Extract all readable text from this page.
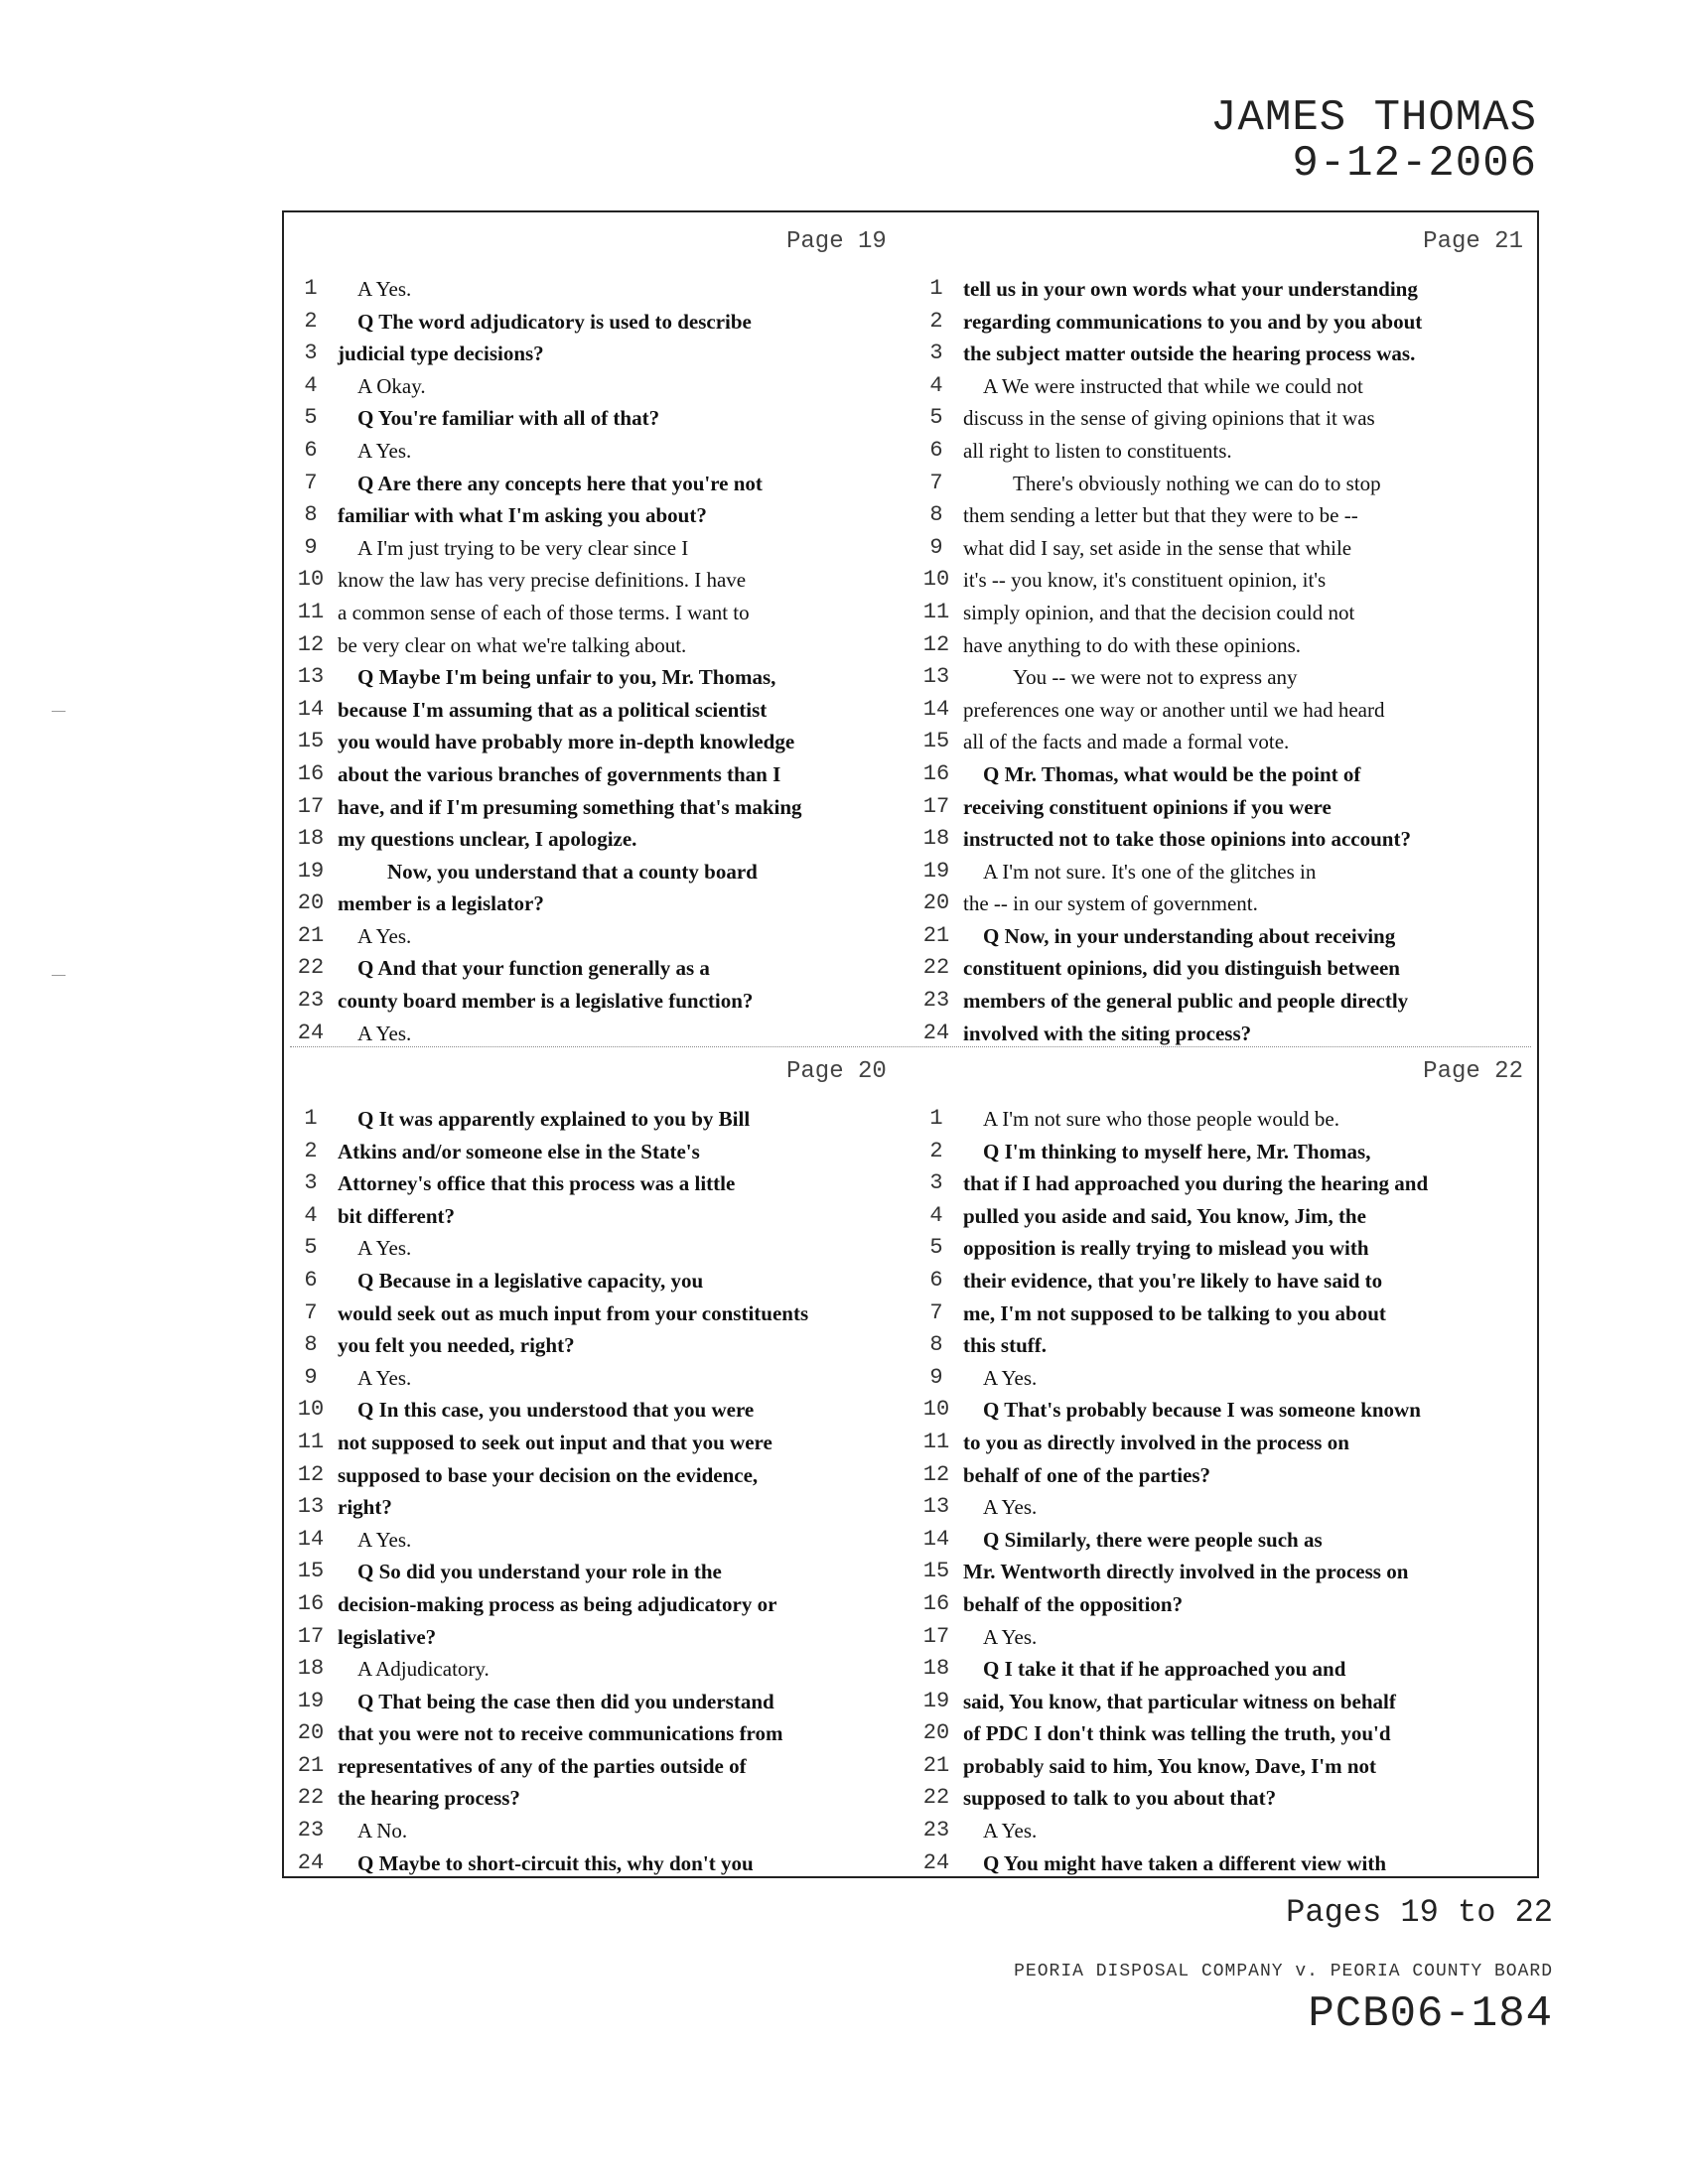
JAMES THOMAS
9-12-2006
Page 19
1	A Yes.
2	Q The word adjudicatory is used to describe
3 judicial type decisions?
4	A Okay.
5	Q You're familiar with all of that?
6	A Yes.
7	Q Are there any concepts here that you're not
8 familiar with what I'm asking you about?
9	A I'm just trying to be very clear since I
10 know the law has very precise definitions. I have
11 a common sense of each of those terms. I want to
12 be very clear on what we're talking about.
13 Q Maybe I'm being unfair to you, Mr. Thomas,
14 because I'm assuming that as a political scientist
15 you would have probably more in-depth knowledge
16 about the various branches of governments than I
17 have, and if I'm presuming something that's making
18 my questions unclear, I apologize.
19	Now, you understand that a county board
20 member is a legislator?
21 A Yes.
22 Q And that your function generally as a
23 county board member is a legislative function?
24 A Yes.
Page 21
1 tell us in your own words what your understanding
2 regarding communications to you and by you about
3 the subject matter outside the hearing process was.
4	A We were instructed that while we could not
5 discuss in the sense of giving opinions that it was
6 all right to listen to constituents.
7	There's obviously nothing we can do to stop
8 them sending a letter but that they were to be --
9 what did I say, set aside in the sense that while
10 it's -- you know, it's constituent opinion, it's
11 simply opinion, and that the decision could not
12 have anything to do with these opinions.
13	You -- we were not to express any
14 preferences one way or another until we had heard
15 all of the facts and made a formal vote.
16 Q Mr. Thomas, what would be the point of
17 receiving constituent opinions if you were
18 instructed not to take those opinions into account?
19 A I'm not sure. It's one of the glitches in
20 the -- in our system of government.
21 Q Now, in your understanding about receiving
22 constituent opinions, did you distinguish between
23 members of the general public and people directly
24 involved with the siting process?
Page 20
1	Q It was apparently explained to you by Bill
2 Atkins and/or someone else in the State's
3 Attorney's office that this process was a little
4 bit different?
5	A Yes.
6	Q Because in a legislative capacity, you
7 would seek out as much input from your constituents
8 you felt you needed, right?
9	A Yes.
10 Q In this case, you understood that you were
11 not supposed to seek out input and that you were
12 supposed to base your decision on the evidence,
13 right?
14 A Yes.
15 Q So did you understand your role in the
16 decision-making process as being adjudicatory or
17 legislative?
18 A Adjudicatory.
19 Q That being the case then did you understand
20 that you were not to receive communications from
21 representatives of any of the parties outside of
22 the hearing process?
23 A No.
24 Q Maybe to short-circuit this, why don't you
Page 22
1	A I'm not sure who those people would be.
2	Q I'm thinking to myself here, Mr. Thomas,
3 that if I had approached you during the hearing and
4 pulled you aside and said, You know, Jim, the
5 opposition is really trying to mislead you with
6 their evidence, that you're likely to have said to
7 me, I'm not supposed to be talking to you about
8 this stuff.
9	A Yes.
10 Q That's probably because I was someone known
11 to you as directly involved in the process on
12 behalf of one of the parties?
13 A Yes.
14 Q Similarly, there were people such as
15 Mr. Wentworth directly involved in the process on
16 behalf of the opposition?
17 A Yes.
18 Q I take it that if he approached you and
19 said, You know, that particular witness on behalf
20 of PDC I don't think was telling the truth, you'd
21 probably said to him, You know, Dave, I'm not
22 supposed to talk to you about that?
23 A Yes.
24 Q You might have taken a different view with
Pages 19 to 22
PEORIA DISPOSAL COMPANY v. PEORIA COUNTY BOARD
PCB06-184
